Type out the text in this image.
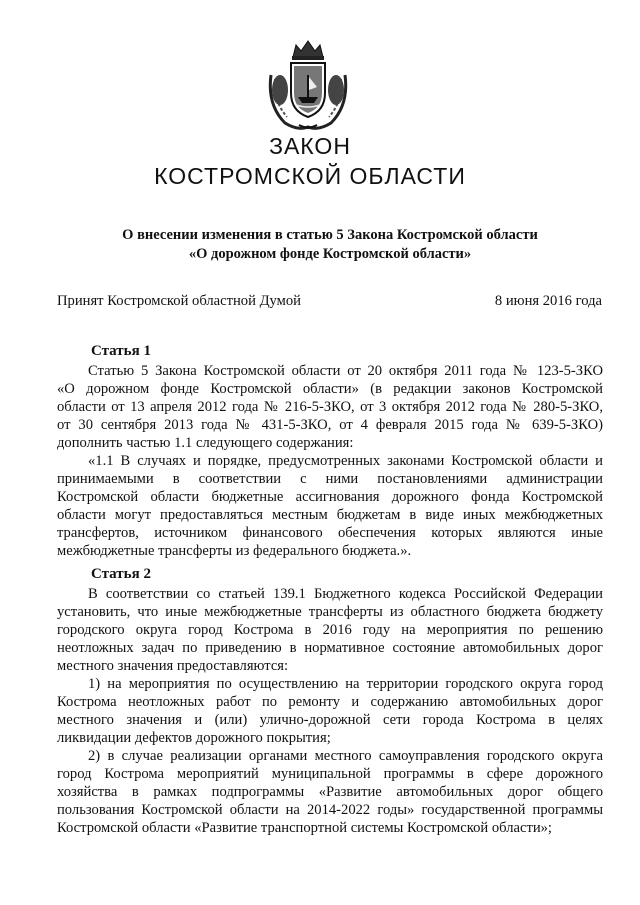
ЗАКОН
КОСТРОМСКОЙ ОБЛАСТИ
О внесении изменения в статью 5 Закона Костромской области
«О дорожном фонде Костромской области»
Принят Костромской областной Думой	8 июня 2016 года
Статья 1
Статью 5 Закона Костромской области от 20 октября 2011 года № 123-5-ЗКО
«О дорожном фонде Костромской области» (в редакции законов Костромской
области от 13 апреля 2012 года № 216-5-ЗКО, от 3 октября 2012 года № 280-5-ЗКО,
от 30 сентября 2013 года № 431-5-ЗКО, от 4 февраля 2015 года № 639-5-ЗКО)
дополнить частью 1.1 следующего содержания:
«1.1 В случаях и порядке, предусмотренных законами Костромской области и
принимаемыми в соответствии с ними постановлениями администрации
Костромской области бюджетные ассигнования дорожного фонда Костромской
области могут предоставляться местным бюджетам в виде иных межбюджетных
трансфертов, источником финансового обеспечения которых являются иные
межбюджетные трансферты из федерального бюджета.».
Статья 2
В соответствии со статьей 139.1 Бюджетного кодекса Российской Федерации
установить, что иные межбюджетные трансферты из областного бюджета бюджету
городского округа город Кострома в 2016 году на мероприятия по решению
неотложных задач по приведению в нормативное состояние автомобильных дорог
местного значения предоставляются:
1) на мероприятия по осуществлению на территории городского округа город
Кострома неотложных работ по ремонту и содержанию автомобильных дорог
местного значения и (или) улично-дорожной сети города Кострома в целях
ликвидации дефектов дорожного покрытия;
2) в случае реализации органами местного самоуправления городского округа
город Кострома мероприятий муниципальной программы в сфере дорожного
хозяйства в рамках подпрограммы «Развитие автомобильных дорог общего
пользования Костромской области на 2014-2022 годы» государственной программы
Костромской области «Развитие транспортной системы Костромской области»;
